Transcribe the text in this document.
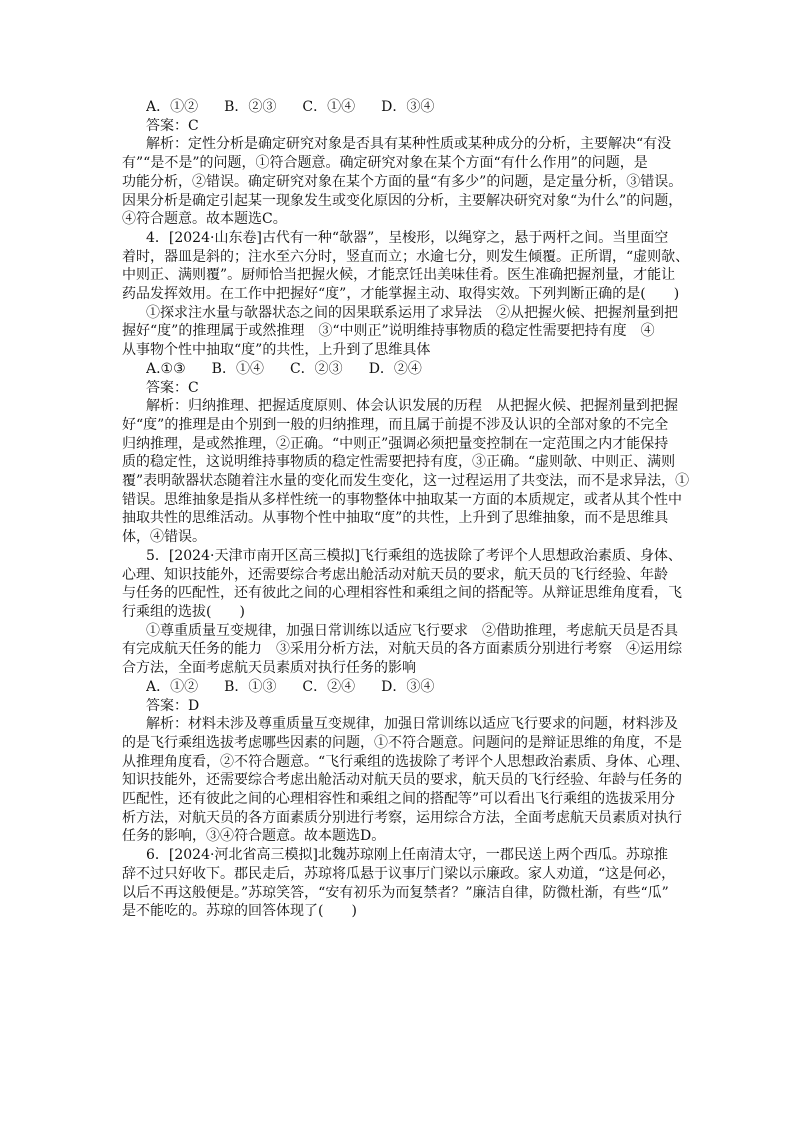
A．①② B．②③ C．①④ D．③④
答案：C
解析：定性分析是确定研究对象是否具有某种性质或某种成分的分析，主要解决“有没
有”“是不是”的问题，①符合题意。确定研究对象在某个方面“有什么作用”的问题，是
功能分析，②错误。确定研究对象在某个方面的量“有多少”的问题，是定量分析，③错误。
因果分析是确定引起某一现象发生或变化原因的分析，主要解决研究对象“为什么”的问题，
④符合题意。故本题选C。
4．[2024·山东卷]古代有一种“欹器”，呈梭形，以绳穿之，悬于两杆之间。当里面空
着时，器皿是斜的；注水至六分时，竖直而立；水逾七分，则发生倾覆。正所谓，“虚则欹、
中则正、满则覆”。厨师恰当把握火候，才能烹饪出美味佳肴。医生准确把握剂量，才能让
药品发挥效用。在工作中把握好“度”，才能掌握主动、取得实效。下列判断正确的是(　　)
①探求注水量与欹器状态之间的因果联系运用了求异法　②从把握火候、把握剂量到把
握好“度”的推理属于或然推理　③“中则正”说明维持事物质的稳定性需要把持有度　④
从事物个性中抽取“度”的共性，上升到了思维具体
A.①③ B．①④ C．②③ D．②④
答案：C
解析：归纳推理、把握适度原则、体会认识发展的历程　从把握火候、把握剂量到把握
好“度”的推理是由个别到一般的归纳推理，而且属于前提不涉及认识的全部对象的不完全
归纳推理，是或然推理，②正确。“中则正”强调必须把量变控制在一定范围之内才能保持
质的稳定性，这说明维持事物质的稳定性需要把持有度，③正确。“虚则欹、中则正、满则
覆”表明欹器状态随着注水量的变化而发生变化，这一过程运用了共变法，而不是求异法，①
错误。思维抽象是指从多样性统一的事物整体中抽取某一方面的本质规定，或者从其个性中
抽取共性的思维活动。从事物个性中抽取“度”的共性，上升到了思维抽象，而不是思维具
体，④错误。
5．[2024·天津市南开区高三模拟]飞行乘组的选拔除了考评个人思想政治素质、身体、
心理、知识技能外，还需要综合考虑出舱活动对航天员的要求，航天员的飞行经验、年龄
与任务的匹配性，还有彼此之间的心理相容性和乘组之间的搭配等。从辩证思维角度看，飞
行乘组的选拔(　　)
①尊重质量互变规律，加强日常训练以适应飞行要求　②借助推理，考虑航天员是否具
有完成航天任务的能力　③采用分析方法，对航天员的各方面素质分别进行考察　④运用综
合方法，全面考虑航天员素质对执行任务的影响
A．①② B．①③ C．②④ D．③④
答案：D
解析：材料未涉及尊重质量互变规律，加强日常训练以适应飞行要求的问题，材料涉及
的是飞行乘组选拔考虑哪些因素的问题，①不符合题意。问题问的是辩证思维的角度，不是
从推理角度看，②不符合题意。“飞行乘组的选拔除了考评个人思想政治素质、身体、心理、
知识技能外，还需要综合考虑出舱活动对航天员的要求，航天员的飞行经验、年龄与任务的
匹配性，还有彼此之间的心理相容性和乘组之间的搭配等”可以看出飞行乘组的选拔采用分
析方法，对航天员的各方面素质分别进行考察，运用综合方法，全面考虑航天员素质对执行
任务的影响，③④符合题意。故本题选D。
6．[2024·河北省高三模拟]北魏苏琼刚上任南清太守，一郡民送上两个西瓜。苏琼推
辞不过只好收下。郡民走后，苏琼将瓜悬于议事厅门梁以示廉政。家人劝道，“这是何必，
以后不再这般便是。”苏琼笑答，“安有初乐为而复禁者？”廉洁自律，防微杜渐，有些“瓜”
是不能吃的。苏琼的回答体现了(　　)
